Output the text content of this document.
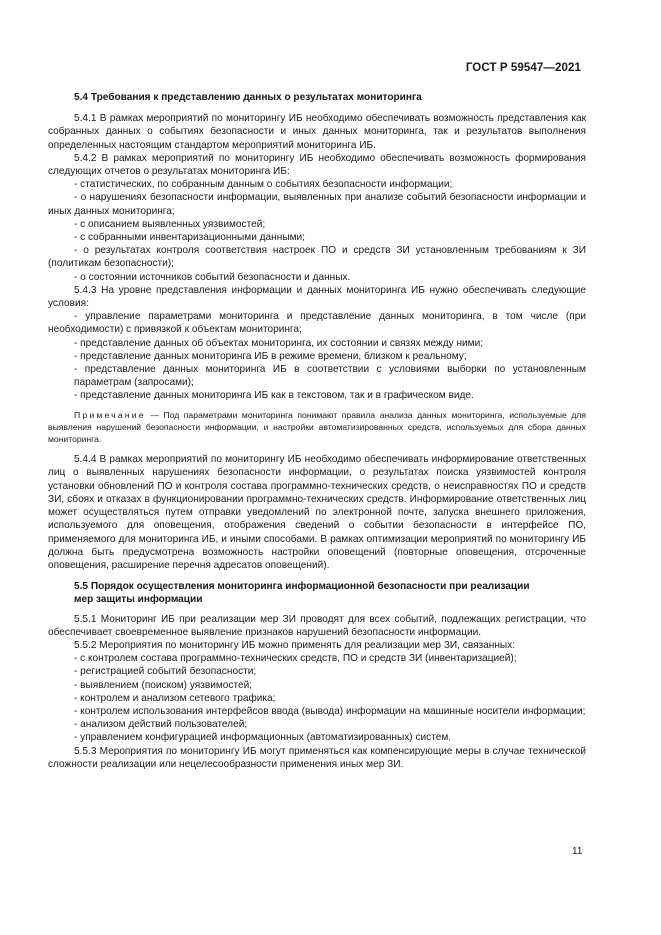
ГОСТ Р 59547—2021
5.4 Требования к представлению данных о результатах мониторинга

5.4.1 В рамках мероприятий по мониторингу ИБ необходимо обеспечивать возможность представления как собранных данных о событиях безопасности и иных данных мониторинга, так и результатов выполнения определенных настоящим стандартом мероприятий мониторинга ИБ.

5.4.2 В рамках мероприятий по мониторингу ИБ необходимо обеспечивать возможность формирования следующих отчетов о результатах мониторинга ИБ:

- статистических, по собранным данным о событиях безопасности информации;

- о нарушениях безопасности информации, выявленных при анализе событий безопасности информации и иных данных мониторинга;

- с описанием выявленных уязвимостей;

- с собранными инвентаризационными данными;

- о результатах контроля соответствия настроек ПО и средств ЗИ установленным требованиям к ЗИ (политикам безопасности);

- о состоянии источников событий безопасности и данных.

5.4.3 На уровне представления информации и данных мониторинга ИБ нужно обеспечивать следующие условия:

- управление параметрами мониторинга и представление данных мониторинга, в том числе (при необходимости) с привязкой к объектам мониторинга;

- представление данных об объектах мониторинга, их состоянии и связях между ними;

- представление данных мониторинга ИБ в режиме времени, близком к реальному;

- представление данных мониторинга ИБ в соответствии с условиями выборки по установленным параметрам (запросами);

- представление данных мониторинга ИБ как в текстовом, так и в графическом виде.

Примечание — Под параметрами мониторинга понимают правила анализа данных мониторинга, используемые для выявления нарушений безопасности информации, и настройки автоматизированных средств, используемых для сбора данных мониторинга.

5.4.4 В рамках мероприятий по мониторингу ИБ необходимо обеспечивать информирование ответственных лиц о выявленных нарушениях безопасности информации, о результатах поиска уязвимостей контроля установки обновлений ПО и контроля состава программно-технических средств, о неисправностях ПО и средств ЗИ, сбоях и отказах в функционировании программно-технических средств. Информирование ответственных лиц может осуществляться путем отправки уведомлений по электронной почте, запуска внешнего приложения, используемого для оповещения, отображения сведений о событии безопасности в интерфейсе ПО, применяемого для мониторинга ИБ, и иными способами. В рамках оптимизации мероприятий по мониторингу ИБ должна быть предусмотрена возможность настройки оповещений (повторные оповещения, отсроченные оповещения, расширение перечня адресатов оповещений).

5.5 Порядок осуществления мониторинга информационной безопасности при реализации
мер защиты информации

5.5.1 Мониторинг ИБ при реализации мер ЗИ проводят для всех событий, подлежащих регистрации, что обеспечивает своевременное выявление признаков нарушений безопасности информации.

5.5.2 Мероприятия по мониторингу ИБ можно применять для реализации мер ЗИ, связанных:

- с контролем состава программно-технических средств, ПО и средств ЗИ (инвентаризацией);

- регистрацией событий безопасности;

- выявлением (поиском) уязвимостей;

- контролем и анализом сетевого трафика;

- контролем использования интерфейсов ввода (вывода) информации на машинные носители информации;

- анализом действий пользователей;

- управлением конфигурацией информационных (автоматизированных) систем.

5.5.3 Мероприятия по мониторингу ИБ могут применяться как компенсирующие меры в случае технической сложности реализации или нецелесообразности применения иных мер ЗИ.

11
